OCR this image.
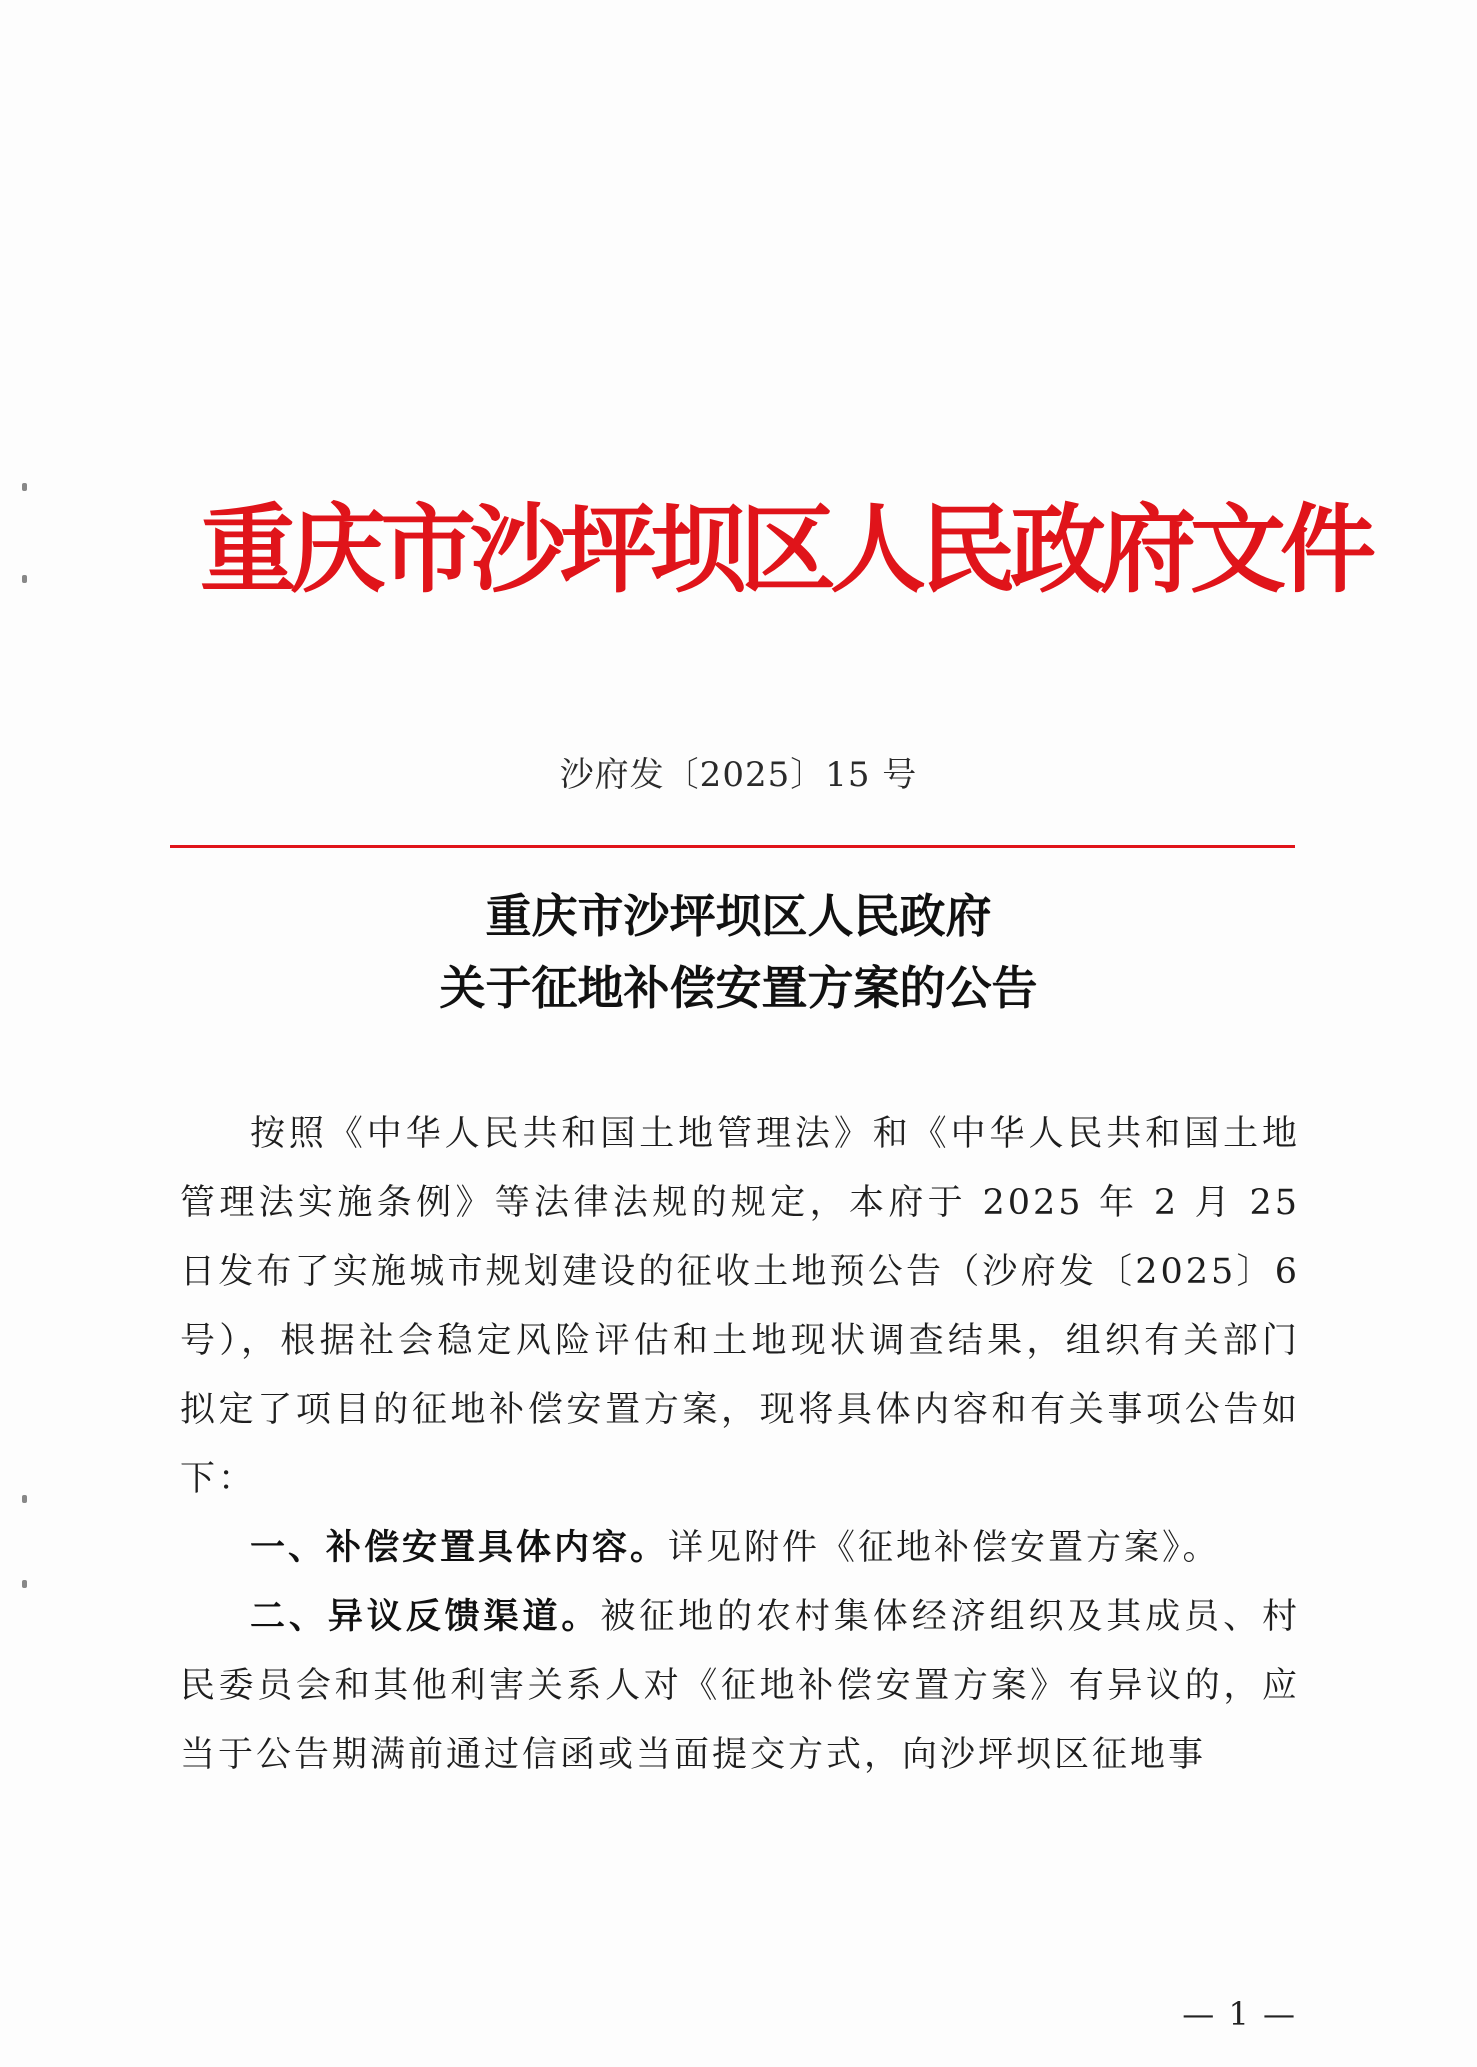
重庆市沙坪坝区人民政府文件
沙府发〔2025〕15 号
重庆市沙坪坝区人民政府
关于征地补偿安置方案的公告

按照《中华人民共和国土地管理法》和《中华人民共和国土地管理法实施条例》等法律法规的规定，本府于 2025 年 2 月 25 日发布了实施城市规划建设的征收土地预公告（沙府发〔2025〕6 号），根据社会稳定风险评估和土地现状调查结果，组织有关部门拟定了项目的征地补偿安置方案，现将具体内容和有关事项公告如下：

一、补偿安置具体内容。详见附件《征地补偿安置方案》。

二、异议反馈渠道。被征地的农村集体经济组织及其成员、村民委员会和其他利害关系人对《征地补偿安置方案》有异议的，应当于公告期满前通过信函或当面提交方式，向沙坪坝区征地事

— 1 —
